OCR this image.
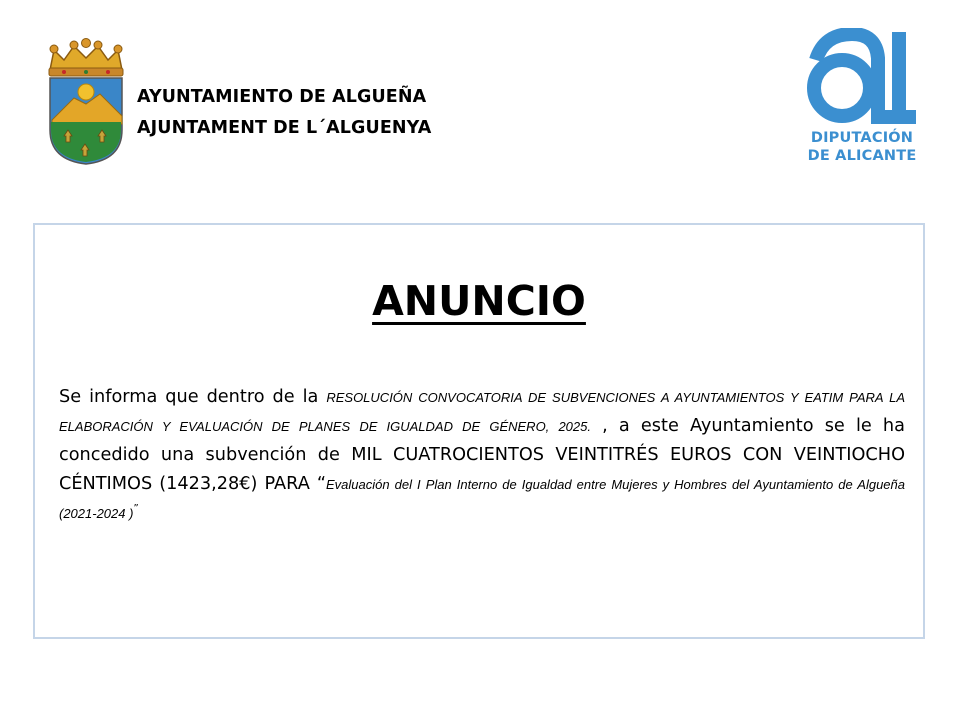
AYUNTAMIENTO DE ALGUEÑA
AJUNTAMENT DE L´ALGUENYA	DIPUTACIÓN
DE ALICANTE
ANUNCIO
Se informa que dentro de la RESOLUCIÓN CONVOCATORIA DE SUBVENCIONES A AYUNTAMIENTOS Y EATIM PARA LA ELABORACIÓN Y EVALUACIÓN DE PLANES DE IGUALDAD DE GÉNERO, 2025. , a este Ayuntamiento se le ha concedido una subvención de MIL CUATROCIENTOS VEINTITRÉS EUROS CON VEINTIOCHO CÉNTIMOS (1423,28€) PARA “Evaluación del I Plan Interno de Igualdad entre Mujeres y Hombres del Ayuntamiento de Algueña (2021-2024 )”
